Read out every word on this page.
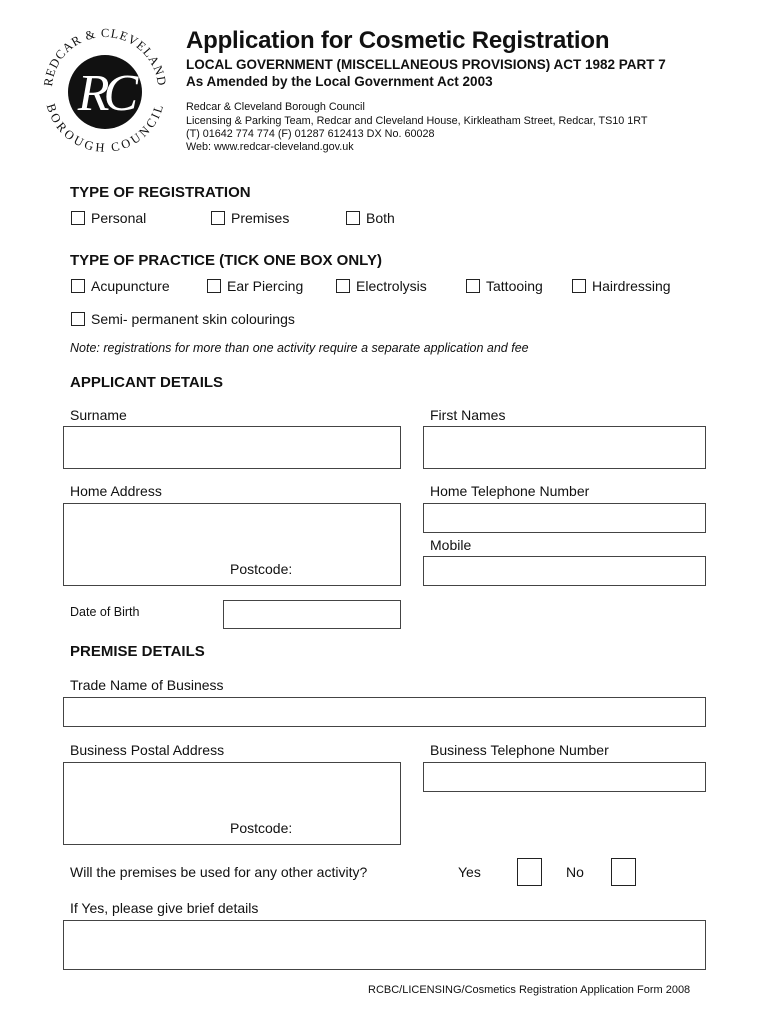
RC
REDCAR & CLEVELAND
BOROUGH COUNCIL
Application for Cosmetic Registration
LOCAL GOVERNMENT (MISCELLANEOUS PROVISIONS) ACT 1982 PART 7
As Amended by the Local Government Act 2003
Redcar & Cleveland Borough Council
Licensing & Parking Team, Redcar and Cleveland House, Kirkleatham Street, Redcar, TS10 1RT
(T) 01642 774 774 (F) 01287 612413 DX No. 60028
Web: www.redcar-cleveland.gov.uk
TYPE OF REGISTRATION
Personal	Premises	Both
TYPE OF PRACTICE (TICK ONE BOX ONLY)
Acupuncture	Ear Piercing	Electrolysis	Tattooing	Hairdressing
Semi- permanent skin colourings
Note: registrations for more than one activity require a separate application and fee
APPLICANT DETAILS
Surname	First Names
Home Address	Home Telephone Number
Postcode:
Mobile
Date of Birth
PREMISE DETAILS
Trade Name of Business
Business Postal Address	Business Telephone Number
Postcode:
Will the premises be used for any other activity?	Yes	No
If Yes, please give brief details
RCBC/LICENSING/Cosmetics Registration Application Form 2008
